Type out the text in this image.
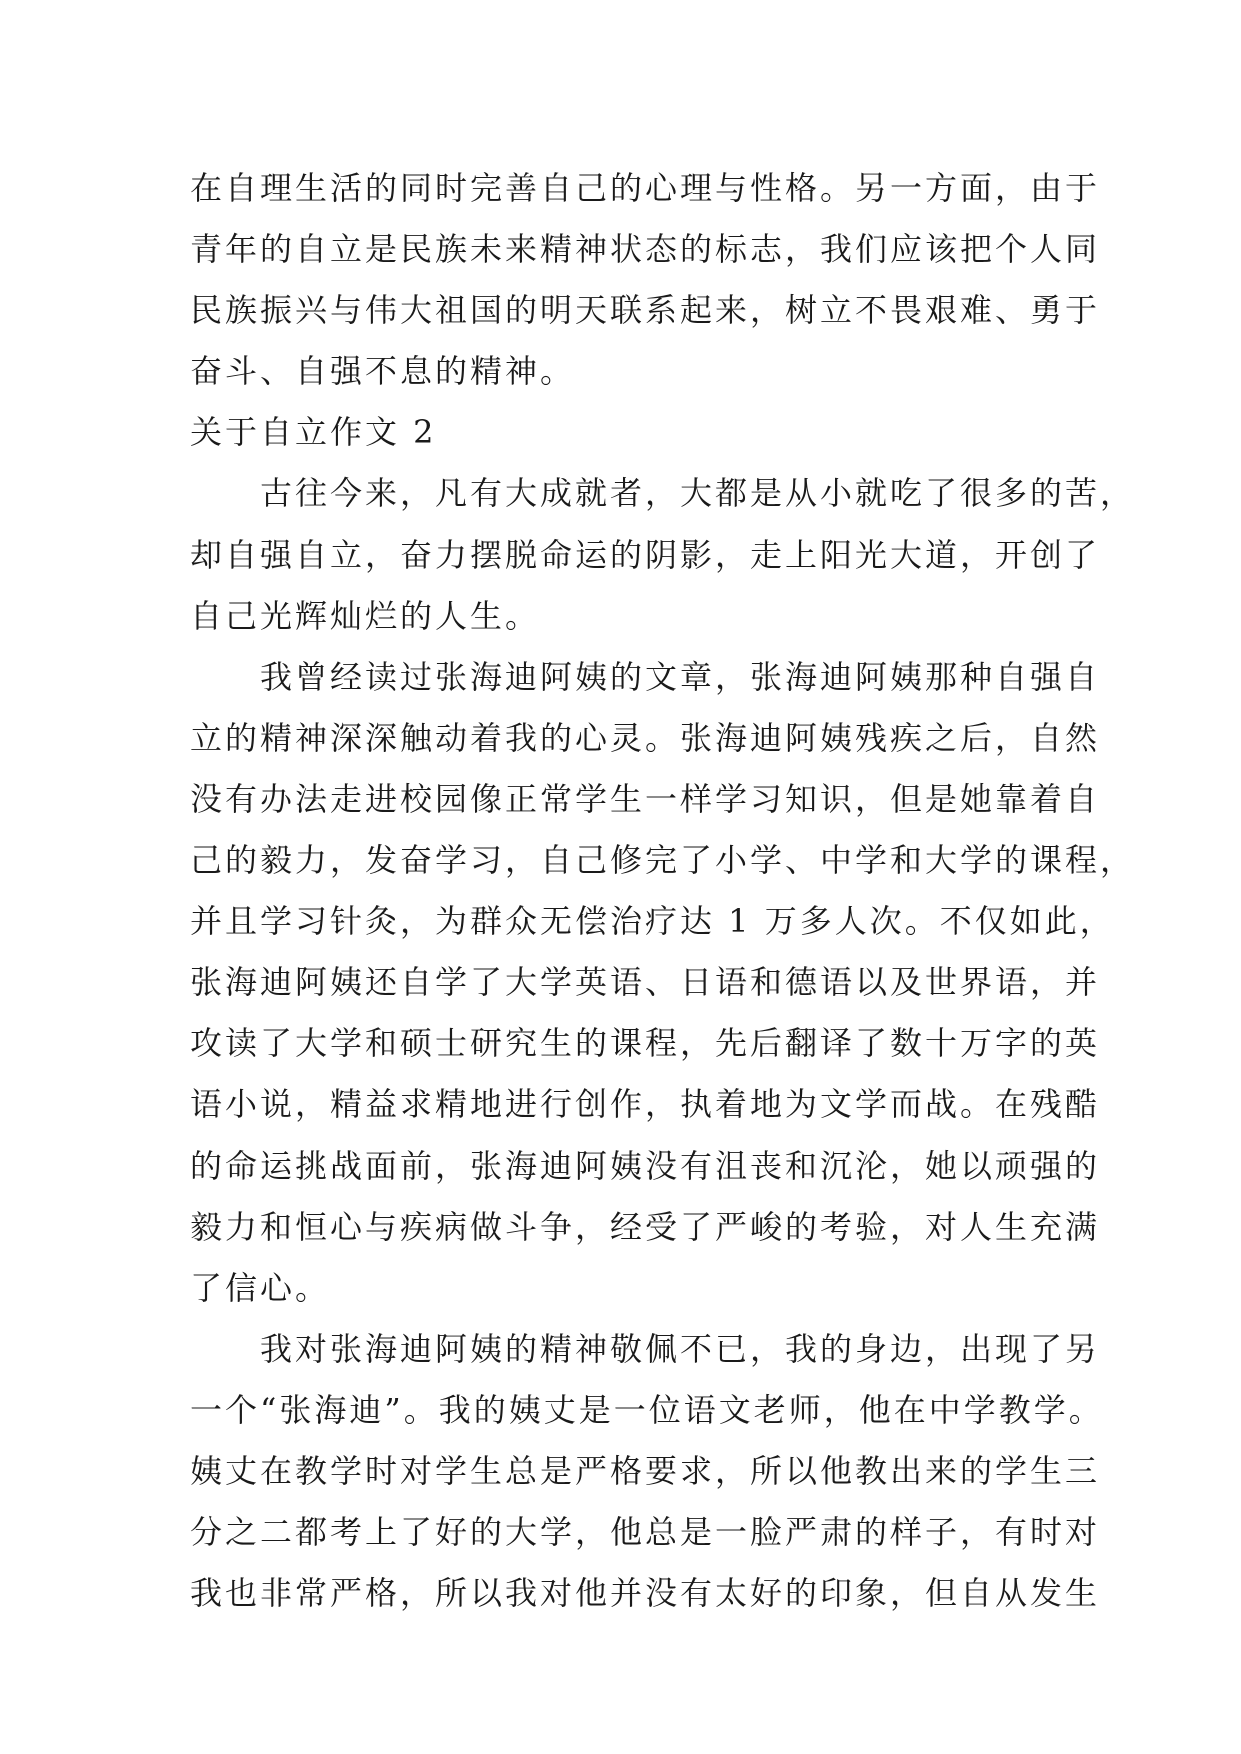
在自理生活的同时完善自己的心理与性格。另一方面，由于
青年的自立是民族未来精神状态的标志，我们应该把个人同
民族振兴与伟大祖国的明天联系起来，树立不畏艰难、勇于
奋斗、自强不息的精神。
关于自立作文 2
　　古往今来，凡有大成就者，大都是从小就吃了很多的苦，
却自强自立，奋力摆脱命运的阴影，走上阳光大道，开创了
自己光辉灿烂的人生。
　　我曾经读过张海迪阿姨的文章，张海迪阿姨那种自强自
立的精神深深触动着我的心灵。张海迪阿姨残疾之后，自然
没有办法走进校园像正常学生一样学习知识，但是她靠着自
己的毅力，发奋学习，自己修完了小学、中学和大学的课程，
并且学习针灸，为群众无偿治疗达 1 万多人次。不仅如此，
张海迪阿姨还自学了大学英语、日语和德语以及世界语，并
攻读了大学和硕士研究生的课程，先后翻译了数十万字的英
语小说，精益求精地进行创作，执着地为文学而战。在残酷
的命运挑战面前，张海迪阿姨没有沮丧和沉沦，她以顽强的
毅力和恒心与疾病做斗争，经受了严峻的考验，对人生充满
了信心。
　　我对张海迪阿姨的精神敬佩不已，我的身边，出现了另
一个“张海迪”。我的姨丈是一位语文老师，他在中学教学。
姨丈在教学时对学生总是严格要求，所以他教出来的学生三
分之二都考上了好的大学，他总是一脸严肃的样子，有时对
我也非常严格，所以我对他并没有太好的印象，但自从发生
